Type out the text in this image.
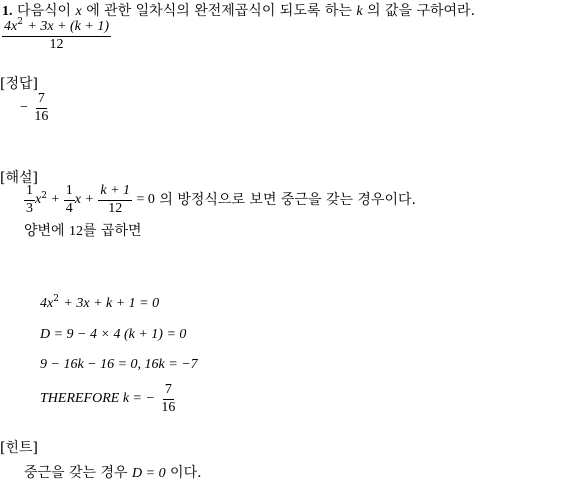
1. 다음식이 x 에 관한 일차식의 완전제곱식이 되도록 하는 k 의 값을 구하여라.
$\frac{4x^2 + 3x + (k + 1)}{12}$
[정답]
− $\frac{7}{16}$
[해설]
$\frac{1}{3} x^2 + \frac{1}{4}$ $x + \frac{k + 1}{12} = 0$ 의 방정식으로 보면 중근을 갖는 경우이다.
양변에 12를 곱하면
$4x^2 + 3x + k + 1 = 0$
D = 9 − 4 × 4 (k + 1) = 0
9 − 16k − 16 = 0, 16k = −7
THEREFORE k = − $\frac{7}{16}$
[힌트]
중근을 갖는 경우 D = 0 이다.
